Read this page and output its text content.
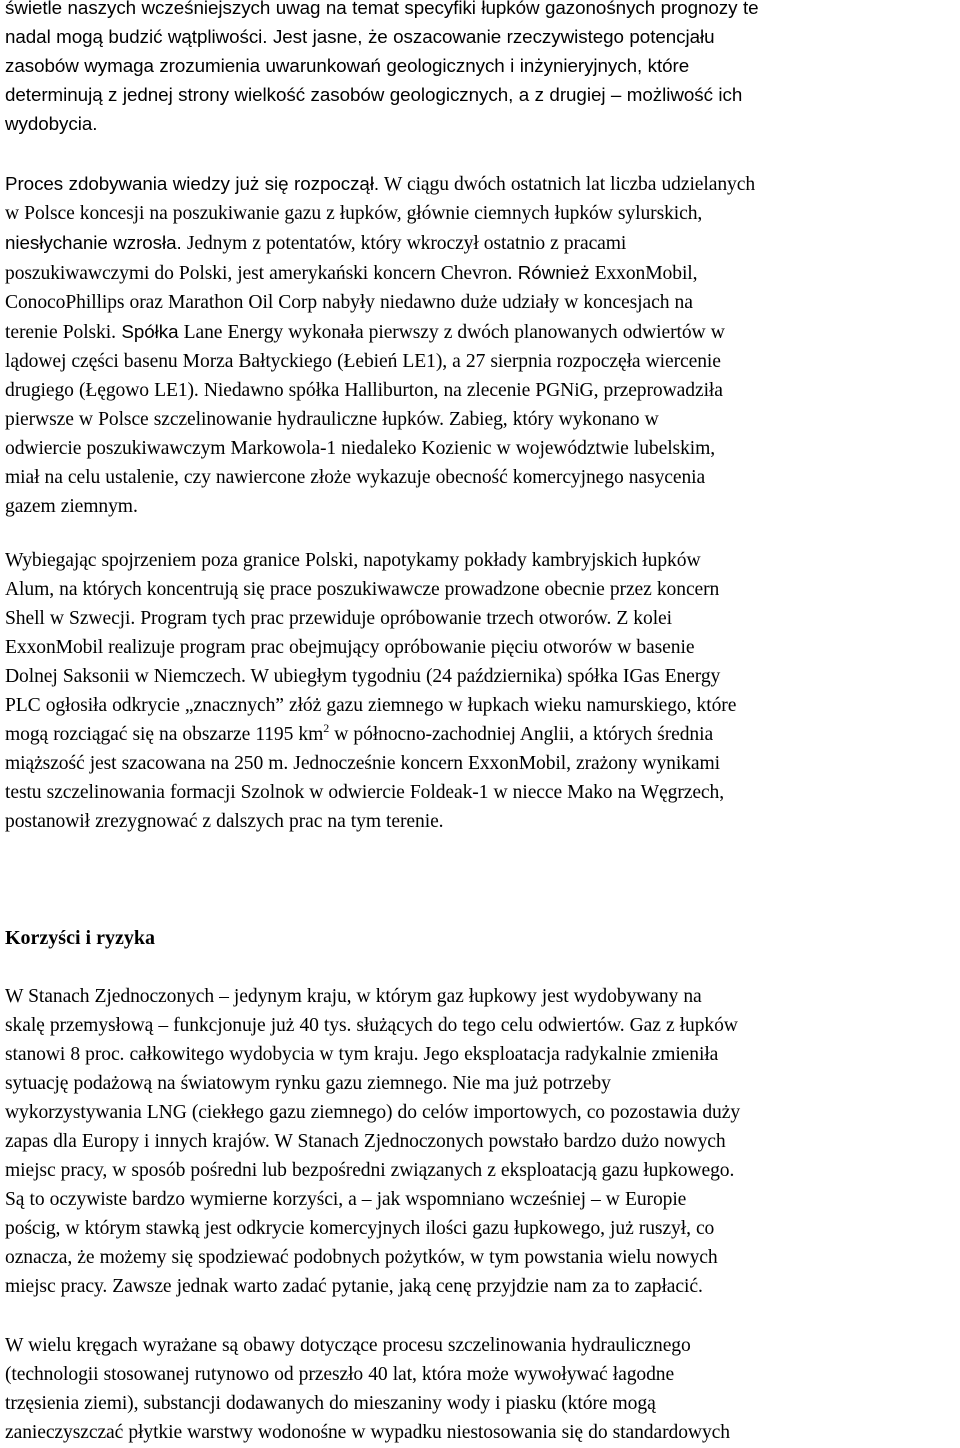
świetle naszych wcześniejszych uwag na temat specyfiki łupków gazonośnych prognozy te
nadal mogą budzić wątpliwości. Jest jasne, że oszacowanie rzeczywistego potencjału
zasobów wymaga zrozumienia uwarunkowań geologicznych i inżynieryjnych, które
determinują z jednej strony wielkość zasobów geologicznych, a z drugiej – możliwość ich
wydobycia.

Proces zdobywania wiedzy już się rozpoczął. W ciągu dwóch ostatnich lat liczba udzielanych
w Polsce koncesji na poszukiwanie gazu z łupków, głównie ciemnych łupków sylurskich,
niesłychanie wzrosła. Jednym z potentatów, który wkroczył ostatnio z pracami
poszukiwawczymi do Polski, jest amerykański koncern Chevron. Również ExxonMobil,
ConocoPhillips oraz Marathon Oil Corp nabyły niedawno duże udziały w koncesjach na
terenie Polski. Spółka Lane Energy wykonała pierwszy z dwóch planowanych odwiertów w
lądowej części basenu Morza Bałtyckiego (Łebień LE1), a 27 sierpnia rozpoczęła wiercenie
drugiego (Łęgowo LE1). Niedawno spółka Halliburton, na zlecenie PGNiG, przeprowadziła
pierwsze w Polsce szczelinowanie hydrauliczne łupków. Zabieg, który wykonano w
odwiercie poszukiwawczym Markowola-1 niedaleko Kozienic w województwie lubelskim,
miał na celu ustalenie, czy nawiercone złoże wykazuje obecność komercyjnego nasycenia
gazem ziemnym.

Wybiegając spojrzeniem poza granice Polski, napotykamy pokłady kambryjskich łupków
Alum, na których koncentrują się prace poszukiwawcze prowadzone obecnie przez koncern
Shell w Szwecji. Program tych prac przewiduje opróbowanie trzech otworów. Z kolei
ExxonMobil realizuje program prac obejmujący opróbowanie pięciu otworów w basenie
Dolnej Saksonii w Niemczech. W ubiegłym tygodniu (24 października) spółka IGas Energy
PLC ogłosiła odkrycie „znacznych” złóż gazu ziemnego w łupkach wieku namurskiego, które
mogą rozciągać się na obszarze 1195 $km^2$ w północno-zachodniej Anglii, a których średnia
miąższość jest szacowana na 250 m. Jednocześnie koncern ExxonMobil, zrażony wynikami
testu szczelinowania formacji Szolnok w odwiercie Foldeak-1 w niecce Mako na Węgrzech,
postanowił zrezygnować z dalszych prac na tym terenie.

Korzyści i ryzyka

W Stanach Zjednoczonych – jedynym kraju, w którym gaz łupkowy jest wydobywany na
skalę przemysłową – funkcjonuje już 40 tys. służących do tego celu odwiertów. Gaz z łupków
stanowi 8 proc. całkowitego wydobycia w tym kraju. Jego eksploatacja radykalnie zmieniła
sytuację podażową na światowym rynku gazu ziemnego. Nie ma już potrzeby
wykorzystywania LNG (ciekłego gazu ziemnego) do celów importowych, co pozostawia duży
zapas dla Europy i innych krajów. W Stanach Zjednoczonych powstało bardzo dużo nowych
miejsc pracy, w sposób pośredni lub bezpośredni związanych z eksploatacją gazu łupkowego.
Są to oczywiste bardzo wymierne korzyści, a – jak wspomniano wcześniej – w Europie
pościg, w którym stawką jest odkrycie komercyjnych ilości gazu łupkowego, już ruszył, co
oznacza, że możemy się spodziewać podobnych pożytków, w tym powstania wielu nowych
miejsc pracy. Zawsze jednak warto zadać pytanie, jaką cenę przyjdzie nam za to zapłacić.

W wielu kręgach wyrażane są obawy dotyczące procesu szczelinowania hydraulicznego
(technologii stosowanej rutynowo od przeszło 40 lat, która może wywoływać łagodne
trzęsienia ziemi), substancji dodawanych do mieszaniny wody i piasku (które mogą
zanieczyszczać płytkie warstwy wodonośne w wypadku niestosowania się do standardowych
